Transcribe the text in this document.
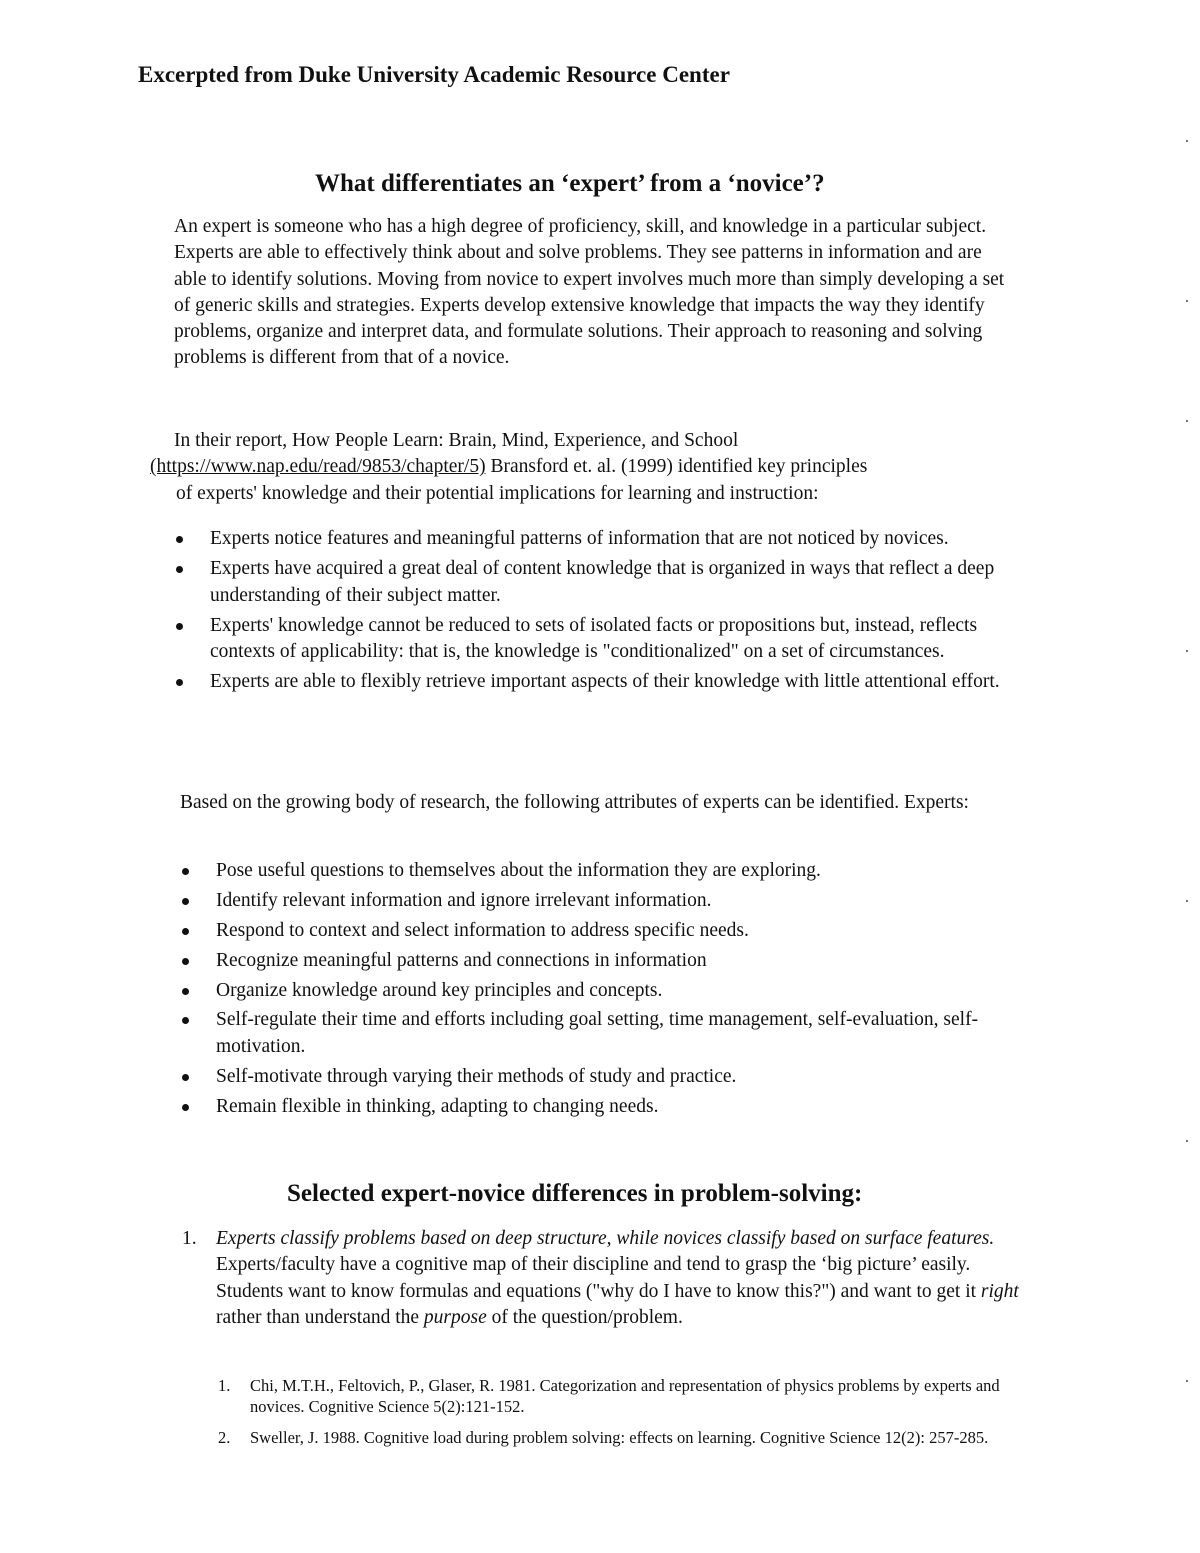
Excerpted from Duke University Academic Resource Center
What differentiates an ‘expert’ from a ‘novice’?

An expert is someone who has a high degree of proficiency, skill, and knowledge in a particular subject. Experts are able to effectively think about and solve problems. They see patterns in information and are able to identify solutions. Moving from novice to expert involves much more than simply developing a set of generic skills and strategies. Experts develop extensive knowledge that impacts the way they identify problems, organize and interpret data, and formulate solutions. Their approach to reasoning and solving problems is different from that of a novice.

In their report, How People Learn: Brain, Mind, Experience, and School
(https://www.nap.edu/read/9853/chapter/5) Bransford et. al. (1999) identified key principles
of experts' knowledge and their potential implications for learning and instruction:
Experts notice features and meaningful patterns of information that are not noticed by novices.
Experts have acquired a great deal of content knowledge that is organized in ways that reflect a deep understanding of their subject matter.
Experts' knowledge cannot be reduced to sets of isolated facts or propositions but, instead, reflects contexts of applicability: that is, the knowledge is "conditionalized" on a set of circumstances.
Experts are able to flexibly retrieve important aspects of their knowledge with little attentional effort.
Based on the growing body of research, the following attributes of experts can be identified. Experts:
Pose useful questions to themselves about the information they are exploring.
Identify relevant information and ignore irrelevant information.
Respond to context and select information to address specific needs.
Recognize meaningful patterns and connections in information
Organize knowledge around key principles and concepts.
Self-regulate their time and efforts including goal setting, time management, self-evaluation, self-motivation.
Self-motivate through varying their methods of study and practice.
Remain flexible in thinking, adapting to changing needs.
Selected expert-novice differences in problem-solving:
1. Experts classify problems based on deep structure, while novices classify based on surface features. Experts/faculty have a cognitive map of their discipline and tend to grasp the ‘big picture’ easily. Students want to know formulas and equations ("why do I have to know this?") and want to get it right rather than understand the purpose of the question/problem.
1. Chi, M.T.H., Feltovich, P., Glaser, R. 1981. Categorization and representation of physics problems by experts and novices. Cognitive Science 5(2):121-152.
2. Sweller, J. 1988. Cognitive load during problem solving: effects on learning. Cognitive Science 12(2): 257-285.
